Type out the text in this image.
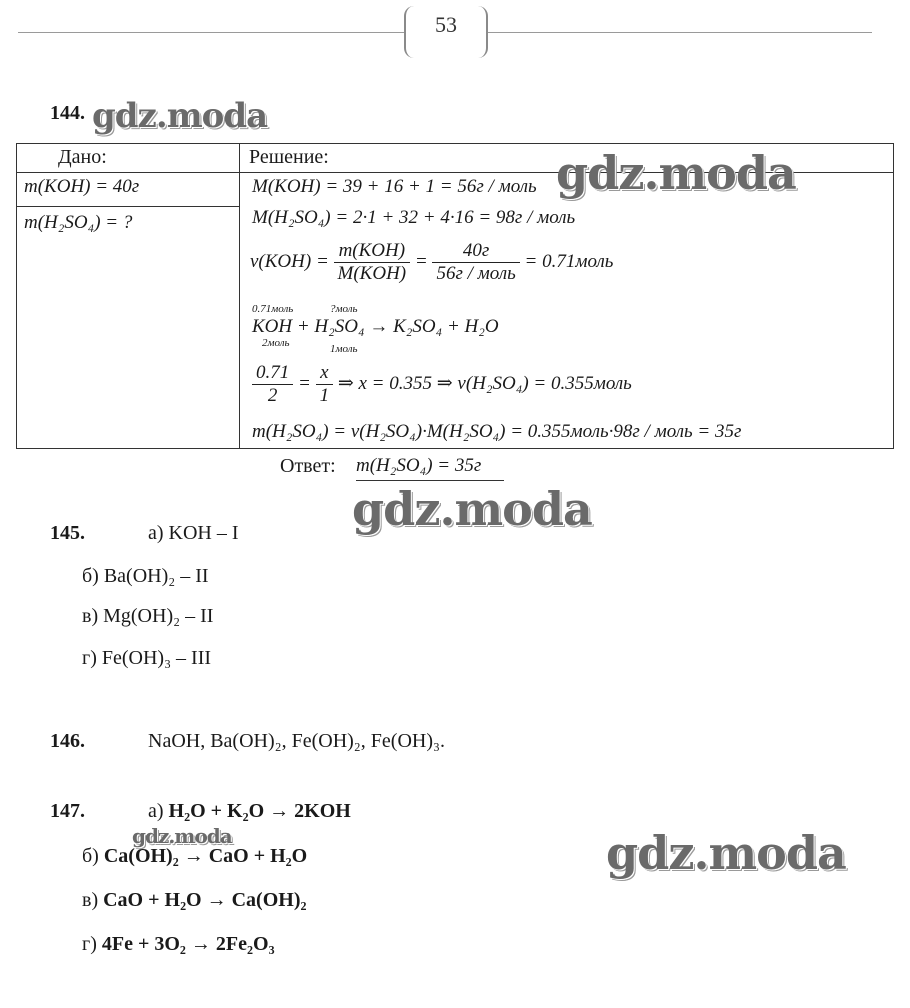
53
144. gdz.moda
Дано:	Решение:
m(KOH) = 40г
m(H₂SO₄) = ?
M(KOH) = 39 + 16 + 1 = 56г / моль
M(H₂SO₄) = 2·1 + 32 + 4·16 = 98г / моль
$\nu(KOH) = \frac{\text{m(KOH)}}{\text{M(KOH)}} = \frac{40г}{\text{56г / моль}}$ = 0.71моль
0.71моль	?моль
KOH + H₂SO₄ → K₂SO₄ + H₂O
2моль	1моль
$\frac{0.71}{2} = \frac{x}{1}$ ⇒ x = 0.355 ⇒ ν(H₂SO₄) = 0.355моль
m(H₂SO₄) = ν(H₂SO₄)·M(H₂SO₄) = 0.355моль·98г / моль = 35г
gdz.moda
Ответ: m(H₂SO₄) = 35г
gdz.moda
145.	а) KOH – I
б) Ba(OH)₂ – II
в) Mg(OH)₂ – II
г) Fe(OH)₃ – III
146.	NaOH, Ba(OH)₂, Fe(OH)₂, Fe(OH)₃.
147.	а) H₂O + K₂O → 2KOH
gdz.moda
б) Ca(OH)₂ → CaO + H₂O
в) CaO + H₂O → Ca(OH)₂
г) 4Fe + 3O₂ → 2Fe₂O₃
gdz.moda
